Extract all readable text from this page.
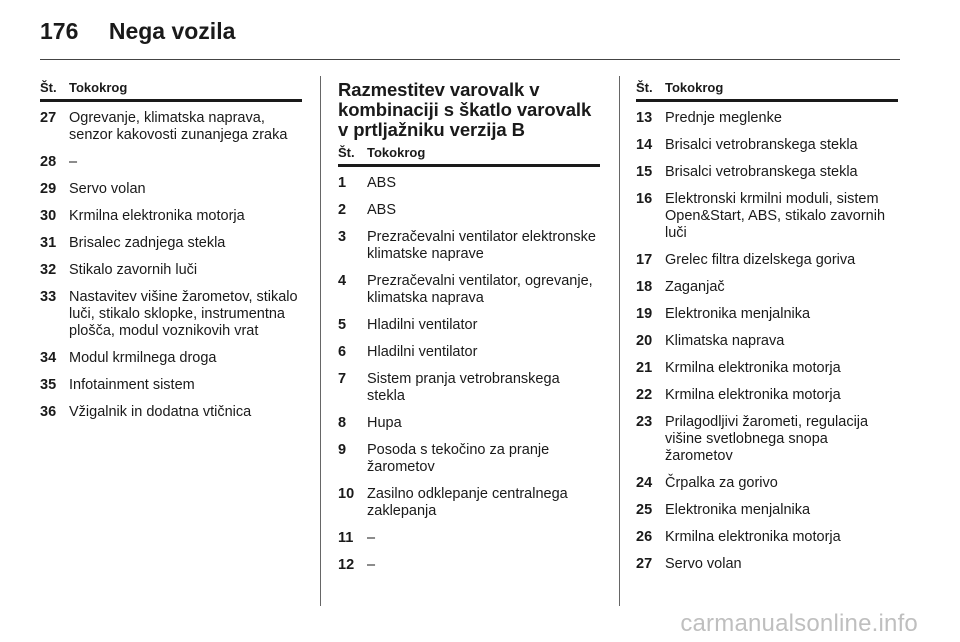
176 Nega vozila
Št. Tokokrog
27 Ogrevanje, klimatska naprava, senzor kakovosti zunanjega zraka
28 –
29 Servo volan
30 Krmilna elektronika motorja
31 Brisalec zadnjega stekla
32 Stikalo zavornih luči
33 Nastavitev višine žarometov, stikalo luči, stikalo sklopke, instrumentna plošča, modul voznikovih vrat
34 Modul krmilnega droga
35 Infotainment sistem
36 Vžigalnik in dodatna vtičnica
Razmestitev varovalk v kombinaciji s škatlo varovalk v prtljažniku verzija B
Št. Tokokrog
1	ABS
2	ABS
3	Prezračevalni ventilator elektronske klimatske naprave
4	Prezračevalni ventilator, ogrevanje, klimatska naprava
5	Hladilni ventilator
6	Hladilni ventilator
7	Sistem pranja vetrobranskega stekla
8	Hupa
9	Posoda s tekočino za pranje žarometov
10 Zasilno odklepanje centralnega zaklepanja
11 –
12 –
Št. Tokokrog
13 Prednje meglenke
14 Brisalci vetrobranskega stekla
15 Brisalci vetrobranskega stekla
16 Elektronski krmilni moduli, sistem Open&Start, ABS, stikalo zavornih luči
17 Grelec filtra dizelskega goriva
18 Zaganjač
19 Elektronika menjalnika
20 Klimatska naprava
21 Krmilna elektronika motorja
22 Krmilna elektronika motorja
23 Prilagodljivi žarometi, regulacija višine svetlobnega snopa žarometov
24 Črpalka za gorivo
25 Elektronika menjalnika
26 Krmilna elektronika motorja
27 Servo volan
carmanualsonline.info
